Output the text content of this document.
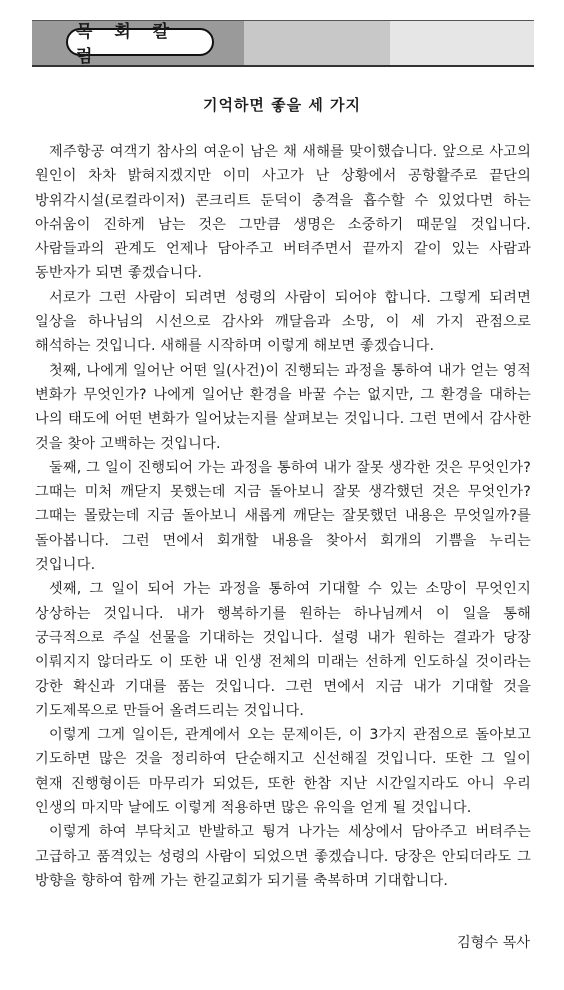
목 회 칼 럼
기억하면 좋을 세 가지

제주항공 여객기 참사의 여운이 남은 채 새해를 맞이했습니다. 앞으로 사고의 원인이 차차 밝혀지겠지만 이미 사고가 난 상황에서 공항활주로 끝단의 방위각시설(로컬라이저) 콘크리트 둔덕이 충격을 흡수할 수 있었다면 하는 아쉬움이 진하게 남는 것은 그만큼 생명은 소중하기 때문일 것입니다. 사람들과의 관계도 언제나 담아주고 버텨주면서 끝까지 같이 있는 사람과 동반자가 되면 좋겠습니다.

서로가 그런 사람이 되려면 성령의 사람이 되어야 합니다. 그렇게 되려면 일상을 하나님의 시선으로 감사와 깨달음과 소망, 이 세 가지 관점으로 해석하는 것입니다. 새해를 시작하며 이렇게 해보면 좋겠습니다.

첫째, 나에게 일어난 어떤 일(사건)이 진행되는 과정을 통하여 내가 얻는 영적 변화가 무엇인가? 나에게 일어난 환경을 바꿀 수는 없지만, 그 환경을 대하는 나의 태도에 어떤 변화가 일어났는지를 살펴보는 것입니다. 그런 면에서 감사한 것을 찾아 고백하는 것입니다.

둘째, 그 일이 진행되어 가는 과정을 통하여 내가 잘못 생각한 것은 무엇인가? 그때는 미처 깨닫지 못했는데 지금 돌아보니 잘못 생각했던 것은 무엇인가? 그때는 몰랐는데 지금 돌아보니 새롭게 깨닫는 잘못했던 내용은 무엇일까?를 돌아봅니다. 그런 면에서 회개할 내용을 찾아서 회개의 기쁨을 누리는 것입니다.

셋째, 그 일이 되어 가는 과정을 통하여 기대할 수 있는 소망이 무엇인지 상상하는 것입니다. 내가 행복하기를 원하는 하나님께서 이 일을 통해 궁극적으로 주실 선물을 기대하는 것입니다. 설령 내가 원하는 결과가 당장 이뤄지지 않더라도 이 또한 내 인생 전체의 미래는 선하게 인도하실 것이라는 강한 확신과 기대를 품는 것입니다. 그런 면에서 지금 내가 기대할 것을 기도제목으로 만들어 올려드리는 것입니다.

이렇게 그게 일이든, 관계에서 오는 문제이든, 이 3가지 관점으로 돌아보고 기도하면 많은 것을 정리하여 단순해지고 신선해질 것입니다. 또한 그 일이 현재 진행형이든 마무리가 되었든, 또한 한참 지난 시간일지라도 아니 우리 인생의 마지막 날에도 이렇게 적용하면 많은 유익을 얻게 될 것입니다.

이렇게 하여 부닥치고 반발하고 튕겨 나가는 세상에서 담아주고 버텨주는 고급하고 품격있는 성령의 사람이 되었으면 좋겠습니다. 당장은 안되더라도 그 방향을 향하여 함께 가는 한길교회가 되기를 축복하며 기대합니다.

김형수 목사
